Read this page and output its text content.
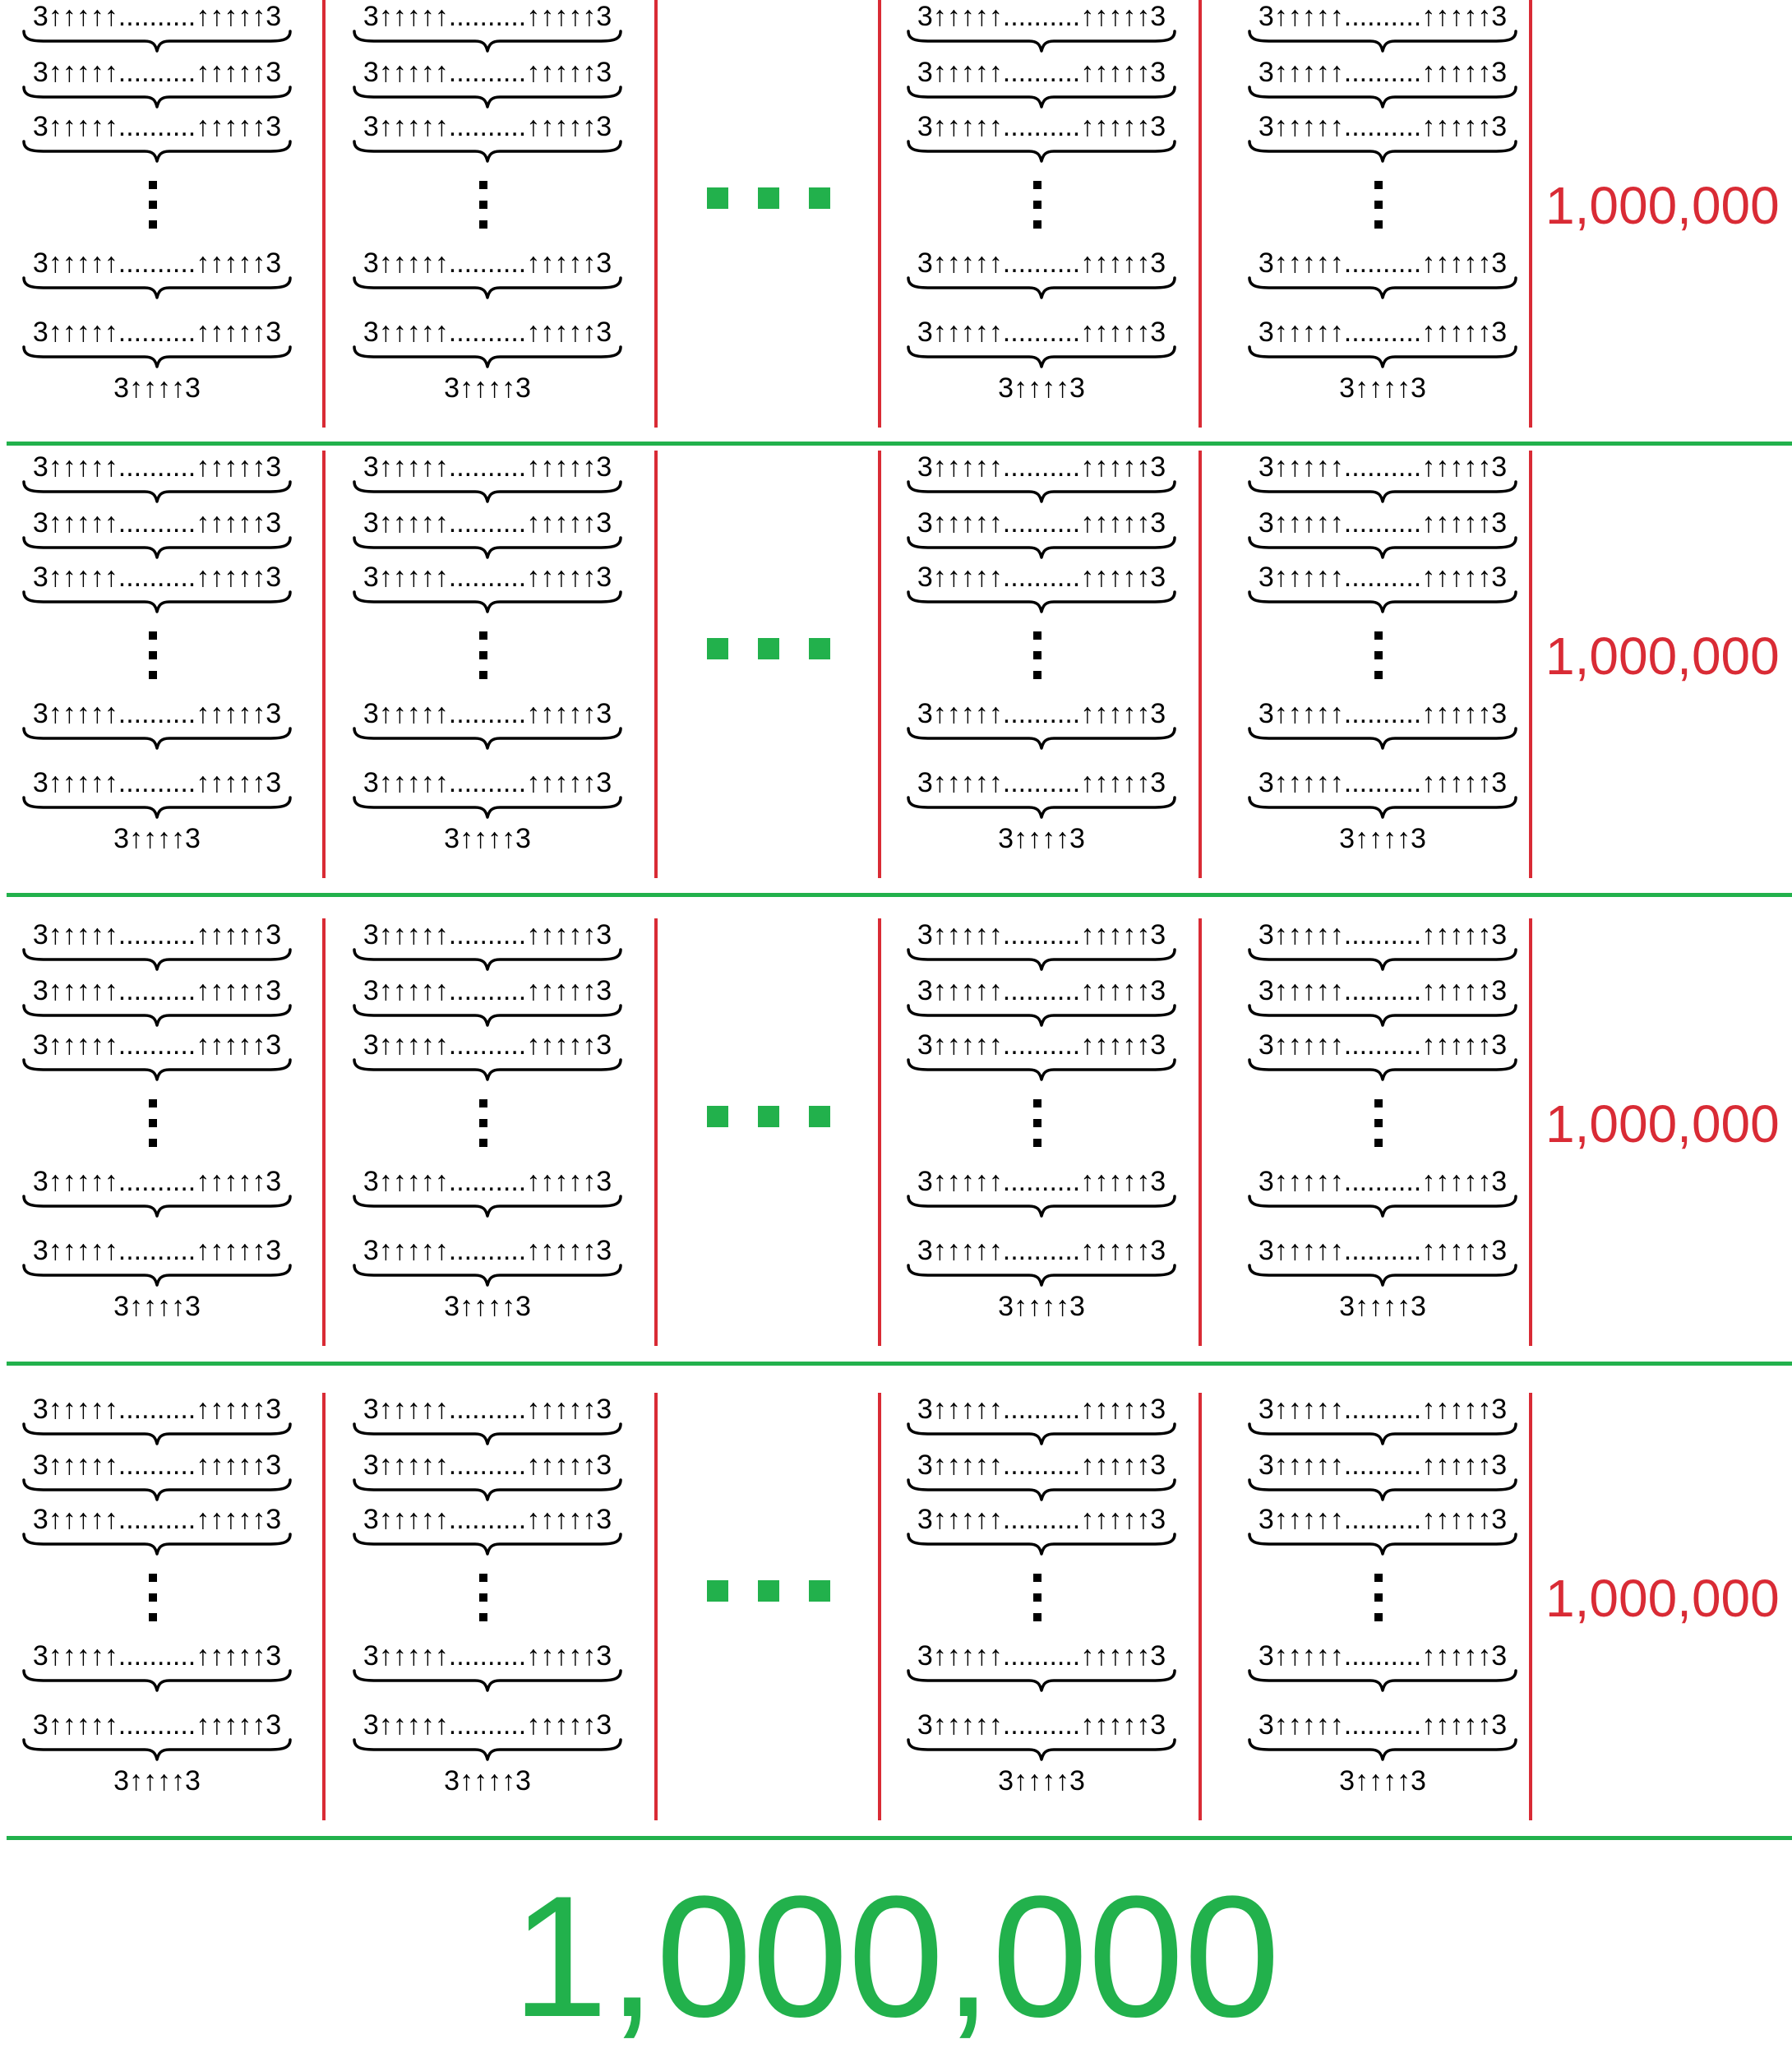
3↑↑↑↑↑..........↑↑↑↑↑3
3↑↑↑↑↑..........↑↑↑↑↑3
3↑↑↑↑↑..........↑↑↑↑↑3
3↑↑↑↑↑..........↑↑↑↑↑3
3↑↑↑↑↑..........↑↑↑↑↑3
3↑↑↑↑3
3↑↑↑↑↑..........↑↑↑↑↑3
3↑↑↑↑↑..........↑↑↑↑↑3
3↑↑↑↑↑..........↑↑↑↑↑3
3↑↑↑↑↑..........↑↑↑↑↑3
3↑↑↑↑↑..........↑↑↑↑↑3
3↑↑↑↑3
3↑↑↑↑↑..........↑↑↑↑↑3
3↑↑↑↑↑..........↑↑↑↑↑3
3↑↑↑↑↑..........↑↑↑↑↑3
3↑↑↑↑↑..........↑↑↑↑↑3
3↑↑↑↑↑..........↑↑↑↑↑3
3↑↑↑↑3
3↑↑↑↑↑..........↑↑↑↑↑3
3↑↑↑↑↑..........↑↑↑↑↑3
3↑↑↑↑↑..........↑↑↑↑↑3
3↑↑↑↑↑..........↑↑↑↑↑3
3↑↑↑↑↑..........↑↑↑↑↑3
3↑↑↑↑3
1,000,000
3↑↑↑↑↑..........↑↑↑↑↑3
3↑↑↑↑↑..........↑↑↑↑↑3
3↑↑↑↑↑..........↑↑↑↑↑3
3↑↑↑↑↑..........↑↑↑↑↑3
3↑↑↑↑↑..........↑↑↑↑↑3
3↑↑↑↑3
3↑↑↑↑↑..........↑↑↑↑↑3
3↑↑↑↑↑..........↑↑↑↑↑3
3↑↑↑↑↑..........↑↑↑↑↑3
3↑↑↑↑↑..........↑↑↑↑↑3
3↑↑↑↑↑..........↑↑↑↑↑3
3↑↑↑↑3
3↑↑↑↑↑..........↑↑↑↑↑3
3↑↑↑↑↑..........↑↑↑↑↑3
3↑↑↑↑↑..........↑↑↑↑↑3
3↑↑↑↑↑..........↑↑↑↑↑3
3↑↑↑↑↑..........↑↑↑↑↑3
3↑↑↑↑3
3↑↑↑↑↑..........↑↑↑↑↑3
3↑↑↑↑↑..........↑↑↑↑↑3
3↑↑↑↑↑..........↑↑↑↑↑3
3↑↑↑↑↑..........↑↑↑↑↑3
3↑↑↑↑↑..........↑↑↑↑↑3
3↑↑↑↑3
1,000,000
3↑↑↑↑↑..........↑↑↑↑↑3
3↑↑↑↑↑..........↑↑↑↑↑3
3↑↑↑↑↑..........↑↑↑↑↑3
3↑↑↑↑↑..........↑↑↑↑↑3
3↑↑↑↑↑..........↑↑↑↑↑3
3↑↑↑↑3
3↑↑↑↑↑..........↑↑↑↑↑3
3↑↑↑↑↑..........↑↑↑↑↑3
3↑↑↑↑↑..........↑↑↑↑↑3
3↑↑↑↑↑..........↑↑↑↑↑3
3↑↑↑↑↑..........↑↑↑↑↑3
3↑↑↑↑3
3↑↑↑↑↑..........↑↑↑↑↑3
3↑↑↑↑↑..........↑↑↑↑↑3
3↑↑↑↑↑..........↑↑↑↑↑3
3↑↑↑↑↑..........↑↑↑↑↑3
3↑↑↑↑↑..........↑↑↑↑↑3
3↑↑↑↑3
3↑↑↑↑↑..........↑↑↑↑↑3
3↑↑↑↑↑..........↑↑↑↑↑3
3↑↑↑↑↑..........↑↑↑↑↑3
3↑↑↑↑↑..........↑↑↑↑↑3
3↑↑↑↑↑..........↑↑↑↑↑3
3↑↑↑↑3
1,000,000
3↑↑↑↑↑..........↑↑↑↑↑3
3↑↑↑↑↑..........↑↑↑↑↑3
3↑↑↑↑↑..........↑↑↑↑↑3
3↑↑↑↑↑..........↑↑↑↑↑3
3↑↑↑↑↑..........↑↑↑↑↑3
3↑↑↑↑3
3↑↑↑↑↑..........↑↑↑↑↑3
3↑↑↑↑↑..........↑↑↑↑↑3
3↑↑↑↑↑..........↑↑↑↑↑3
3↑↑↑↑↑..........↑↑↑↑↑3
3↑↑↑↑↑..........↑↑↑↑↑3
3↑↑↑↑3
3↑↑↑↑↑..........↑↑↑↑↑3
3↑↑↑↑↑..........↑↑↑↑↑3
3↑↑↑↑↑..........↑↑↑↑↑3
3↑↑↑↑↑..........↑↑↑↑↑3
3↑↑↑↑↑..........↑↑↑↑↑3
3↑↑↑↑3
3↑↑↑↑↑..........↑↑↑↑↑3
3↑↑↑↑↑..........↑↑↑↑↑3
3↑↑↑↑↑..........↑↑↑↑↑3
3↑↑↑↑↑..........↑↑↑↑↑3
3↑↑↑↑↑..........↑↑↑↑↑3
3↑↑↑↑3
1,000,000
1,000,000
